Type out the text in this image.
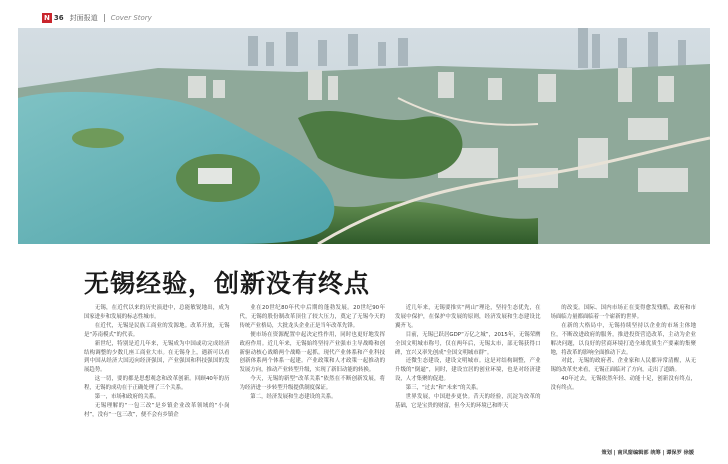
N 36 封面报道 Cover Story
无锡经验，创新没有终点

无锡，在近代以来的历史演进中，总能敏锐地出，成为国家进步和发展的标志性城市。

在近代，无锡是民族工商业的发源地。改革开放，无锡是“苏南模式”的代表。

新世纪，特别是近几年来，无锡成为中国或功完成经济结构调整的少数几座工商业大市。在无锡身上，遇新可以看到中国从经济大国迈向经济强国，产业强国和科技强国的发展趋势。

这一切，要的都是思想观念和改革创新。回顾40年的历程，无锡的成功在于正确处理了三个关系。

第一，市场和政府的关系。

无锡理解的“一包三改”是乡镇企业改革领域的“小岗村”，没有“一包三改”，便不会有乡镇企

业在20世纪80年代中后期的蓬勃发展。20世纪90年代，无锡的股份制改革顶住了较大压力，奠定了无锡今天的传统产业格局，大批龙头企业正是当年改革先锋。

便市场在资源配置中起决定性作用，同时也更好地发挥政府作用。近几年来，无锡始终坚持产业强市主导战略和创新驱动核心战略两个战略一起抓。现代产业体系和产业科技创新体系两个体系一起建。产业政策和人才政策一起推动的发展方向，推动产业转型升级，实现了新旧动能的转换。

今天，无锡的新型“改革关系”依然在不断创新发展，将为经济进一步转型升级提供制度保证。

第二，经济发展和生态建设的关系。

近几年来，无锡要推实“两山”理论，坚持生态优先，在发展中保护，在保护中发展的原则，经济发展和生态建设比翼齐飞。

目前，无锡已跃居GDP“万亿之城”，2015年，无锡荣膺全国文明城市称号，仅在两年后，无锡太市，部无锡获得口碑，宜兴又率先创成“全国文明城市群”。

还微生态建设，建设文明城市。这是对结构调整，产业升级的“倒逼”，同时，建设宜居的创业环境，也是对经济建设，人才集聚的促进。

第三，“过去”和“未来”的关系。

世界发展，中国进步更快。昔天的经验，沉淀为改革的基础，它是宝贵的财富，但今天的环境已和昨天

的改变。国际、国内市场正在变得愈发残酷，政府和市场面临力量都面临着一个崭新的世界。

在新的大格局中，无锡持续坚持以企业的市场主体地位，不断改进政府的服务，推进投资营造改革，主动为企业解决问题，以良好的营商环境打造全球优质生产要素的集聚地，将改革的影响全面推动下去。

对此，无锡的政府者、企业家和人民都异常清醒，从无锡的改革史来看，无锡正面临对了方向，走出了道路。

40年过去，无锡依然年轻、动能十足，创新没有终点，没有终点。

策划 | 南风窗编辑部 统筹 | 谭保罗 徐媛
